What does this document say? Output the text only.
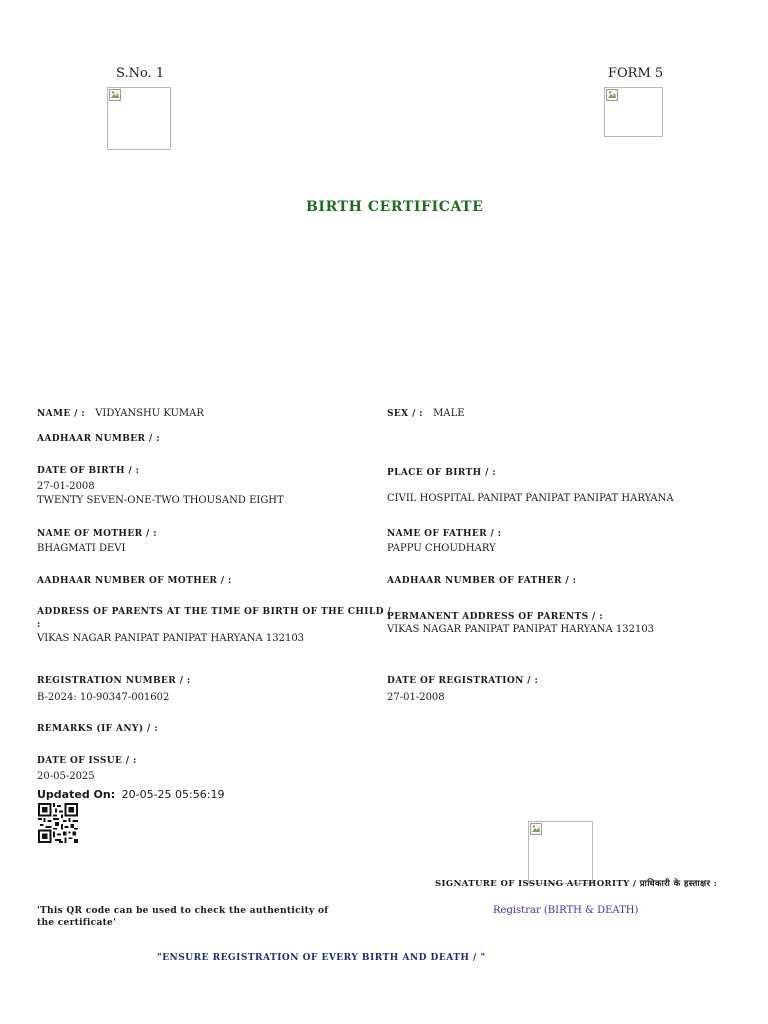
S.No. 1	FORM 5
BIRTH CERTIFICATE
NAME / : VIDYANSHU KUMAR	SEX / : MALE
AADHAAR NUMBER / :
DATE OF BIRTH / :
27-01-2008
TWENTY SEVEN-ONE-TWO THOUSAND EIGHT
PLACE OF BIRTH / :
CIVIL HOSPITAL PANIPAT PANIPAT PANIPAT HARYANA
NAME OF MOTHER / :
BHAGMATI DEVI
NAME OF FATHER / :
PAPPU CHOUDHARY
AADHAAR NUMBER OF MOTHER / :	AADHAAR NUMBER OF FATHER / :
ADDRESS OF PARENTS AT THE TIME OF BIRTH OF THE CHILD /
:
VIKAS NAGAR PANIPAT PANIPAT HARYANA 132103
PERMANENT ADDRESS OF PARENTS / :
VIKAS NAGAR PANIPAT PANIPAT HARYANA 132103
REGISTRATION NUMBER / :
B-2024: 10-90347-001602
DATE OF REGISTRATION / :
27-01-2008
REMARKS (IF ANY) / :
DATE OF ISSUE / :
20-05-2025
Updated On: 20-05-25 05:56:19
SIGNATURE OF ISSUING AUTHORITY / प्राधिकारी के हस्ताक्षर :
Registrar (BIRTH & DEATH)
'This QR code can be used to check the authenticity of the certificate'
"ENSURE REGISTRATION OF EVERY BIRTH AND DEATH / "
